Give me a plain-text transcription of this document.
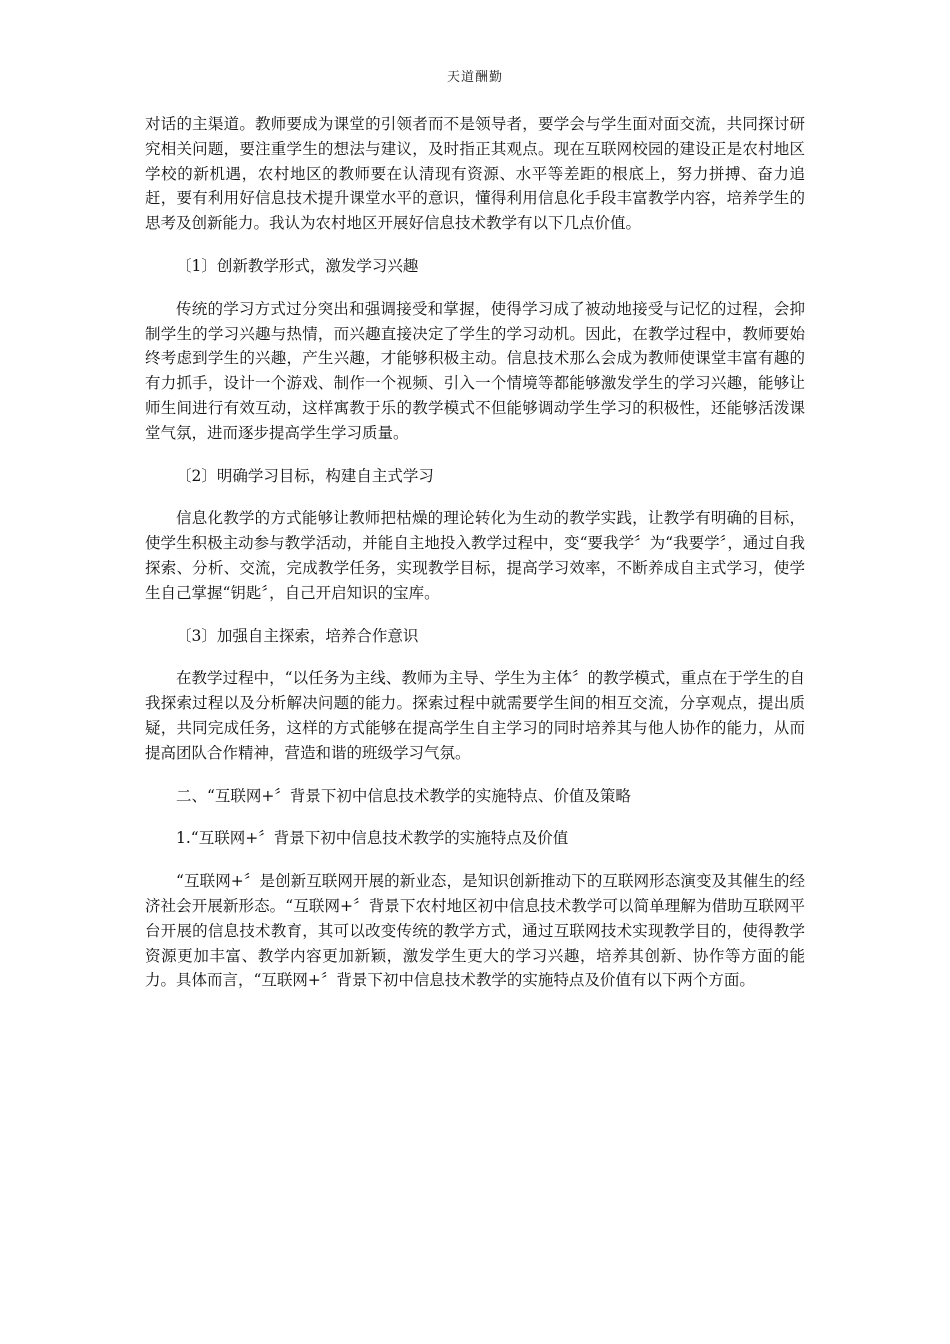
天道酬勤

对话的主渠道。教师要成为课堂的引领者而不是领导者，要学会与学生面对面交流，共同探讨研究相关问题，要注重学生的想法与建议，及时指正其观点。现在互联网校园的建设正是农村地区学校的新机遇，农村地区的教师要在认清现有资源、水平等差距的根底上，努力拼搏、奋力追赶，要有利用好信息技术提升课堂水平的意识，懂得利用信息化手段丰富教学内容，培养学生的思考及创新能力。我认为农村地区开展好信息技术教学有以下几点价值。

〔1〕创新教学形式，激发学习兴趣

传统的学习方式过分突出和强调接受和掌握，使得学习成了被动地接受与记忆的过程，会抑制学生的学习兴趣与热情，而兴趣直接决定了学生的学习动机。因此，在教学过程中，教师要始终考虑到学生的兴趣，产生兴趣，才能够积极主动。信息技术那么会成为教师使课堂丰富有趣的有力抓手，设计一个游戏、制作一个视频、引入一个情境等都能够激发学生的学习兴趣，能够让师生间进行有效互动，这样寓教于乐的教学模式不但能够调动学生学习的积极性，还能够活泼课堂气氛，进而逐步提高学生学习质量。

〔2〕明确学习目标，构建自主式学习

信息化教学的方式能够让教师把枯燥的理论转化为生动的教学实践，让教学有明确的目标，使学生积极主动参与教学活动，并能自主地投入教学过程中，变“要我学〞为“我要学〞，通过自我探索、分析、交流，完成教学任务，实现教学目标，提高学习效率，不断养成自主式学习，使学生自己掌握“钥匙〞，自己开启知识的宝库。

〔3〕加强自主探索，培养合作意识

在教学过程中，“以任务为主线、教师为主导、学生为主体〞的教学模式，重点在于学生的自我探索过程以及分析解决问题的能力。探索过程中就需要学生间的相互交流，分享观点，提出质疑，共同完成任务，这样的方式能够在提高学生自主学习的同时培养其与他人协作的能力，从而提高团队合作精神，营造和谐的班级学习气氛。

二、“互联网+〞背景下初中信息技术教学的实施特点、价值及策略

1.“互联网+〞背景下初中信息技术教学的实施特点及价值

“互联网+〞是创新互联网开展的新业态，是知识创新推动下的互联网形态演变及其催生的经济社会开展新形态。“互联网+〞背景下农村地区初中信息技术教学可以简单理解为借助互联网平台开展的信息技术教育，其可以改变传统的教学方式，通过互联网技术实现教学目的，使得教学资源更加丰富、教学内容更加新颖，激发学生更大的学习兴趣，培养其创新、协作等方面的能力。具体而言，“互联网+〞背景下初中信息技术教学的实施特点及价值有以下两个方面。
